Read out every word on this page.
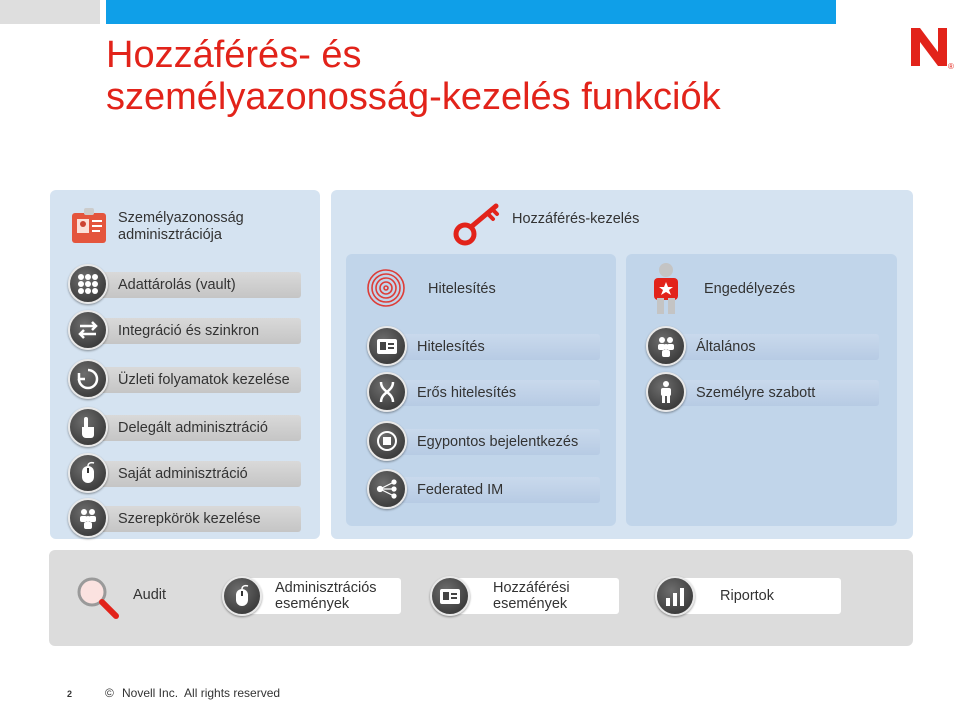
®
Hozzáférés- és
személyazonosság-kezelés funkciók
Személyazonosság
adminisztrációja
Adattárolás (vault)
Integráció és szinkron
Üzleti folyamatok kezelése
Delegált adminisztráció
Saját adminisztráció
Szerepkörök kezelése
Hozzáférés-kezelés
Hitelesítés
Hitelesítés
Erős hitelesítés
Egypontos bejelentkezés
Federated IM
Engedélyezés
Általános
Személyre szabott
Audit	Adminisztrációs
események
Hozzáférési
események	Riportok
2	© Novell Inc.  All rights reserved
